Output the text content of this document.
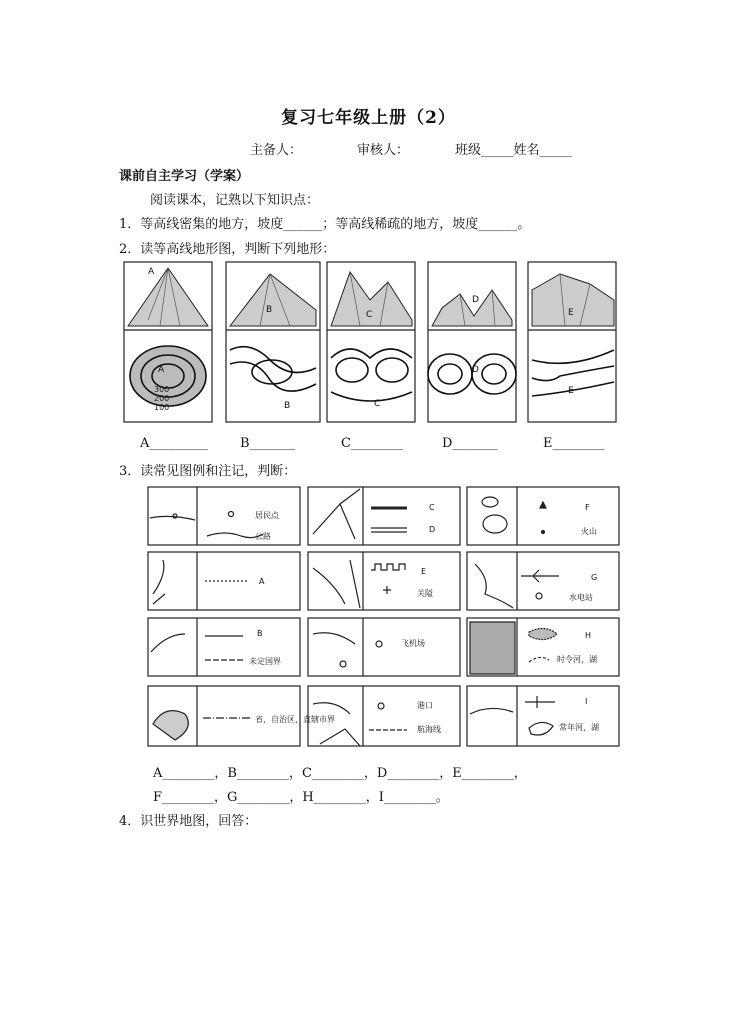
复习七年级上册（2）
主备人：	审核人：	班级_____姓名_____
课前自主学习（学案）
阅读课本，记熟以下知识点：
1．等高线密集的地方，坡度______；等高线稀疏的地方，坡度______。
2．读等高线地形图，判断下列地形：
300
200
100
A
A
B
B
C
C
D
D
E
E
A_________ B_______	C________	D_______	E________
3．读常见图例和注记，判断：
居民点
公路
C
D
F
火山
A
E
关隘
G
水电站
B
未定国界
飞机场
H
时令河，湖
省，自治区，直辖市界
港口
航海线
I
常年河，湖
A________，B________，C________，D________，E________，
F________，G________，H________，I________。
4．识世界地图，回答：
